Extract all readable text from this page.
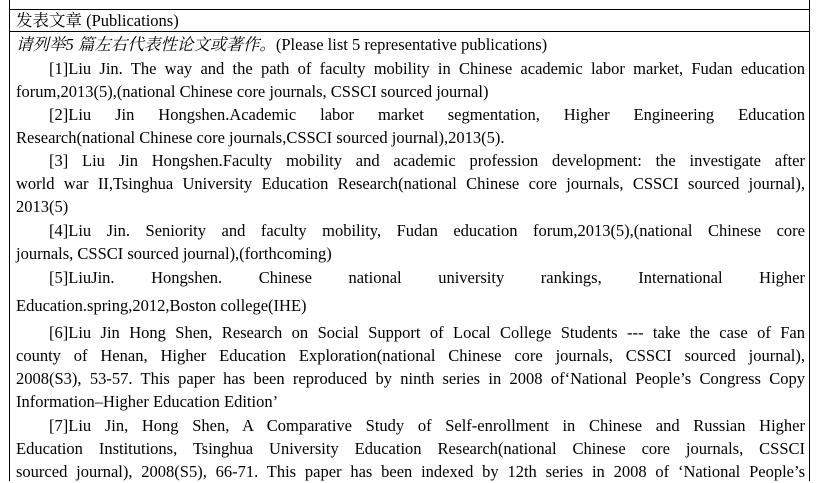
发表文章 (Publications)
请列举5 篇左右代表性论文或著作。(Please list 5 representative publications)

[1]Liu Jin. The way and the path of faculty mobility in Chinese academic labor market, Fudan education
forum,2013(5),(national Chinese core journals, CSSCI sourced journal)

[2]Liu Jin Hongshen.Academic labor market segmentation, Higher Engineering Education
Research(national Chinese core journals,CSSCI sourced journal),2013(5).

[3] Liu Jin Hongshen.Faculty mobility and academic profession development: the investigate after
world war II,Tsinghua University Education Research(national Chinese core journals, CSSCI sourced journal),
2013(5)

[4]Liu Jin. Seniority and faculty mobility, Fudan education forum,2013(5),(national Chinese core
journals, CSSCI sourced journal),(forthcoming)

[5]LiuJin. Hongshen. Chinese national university rankings, International Higher
Education.spring,2012,Boston college(IHE)

[6]Liu Jin Hong Shen, Research on Social Support of Local College Students --- take the case of Fan
county of Henan, Higher Education Exploration(national Chinese core journals, CSSCI sourced journal),
2008(S3), 53-57. This paper has been reproduced by ninth series in 2008 of‘National People’s Congress Copy
Information–Higher Education Edition’

[7]Liu Jin, Hong Shen, A Comparative Study of Self-enrollment in Chinese and Russian Higher
Education Institutions, Tsinghua University Education Research(national Chinese core journals, CSSCI
sourced journal), 2008(S5), 66-71. This paper has been indexed by 12th series in 2008 of ‘National People’s
